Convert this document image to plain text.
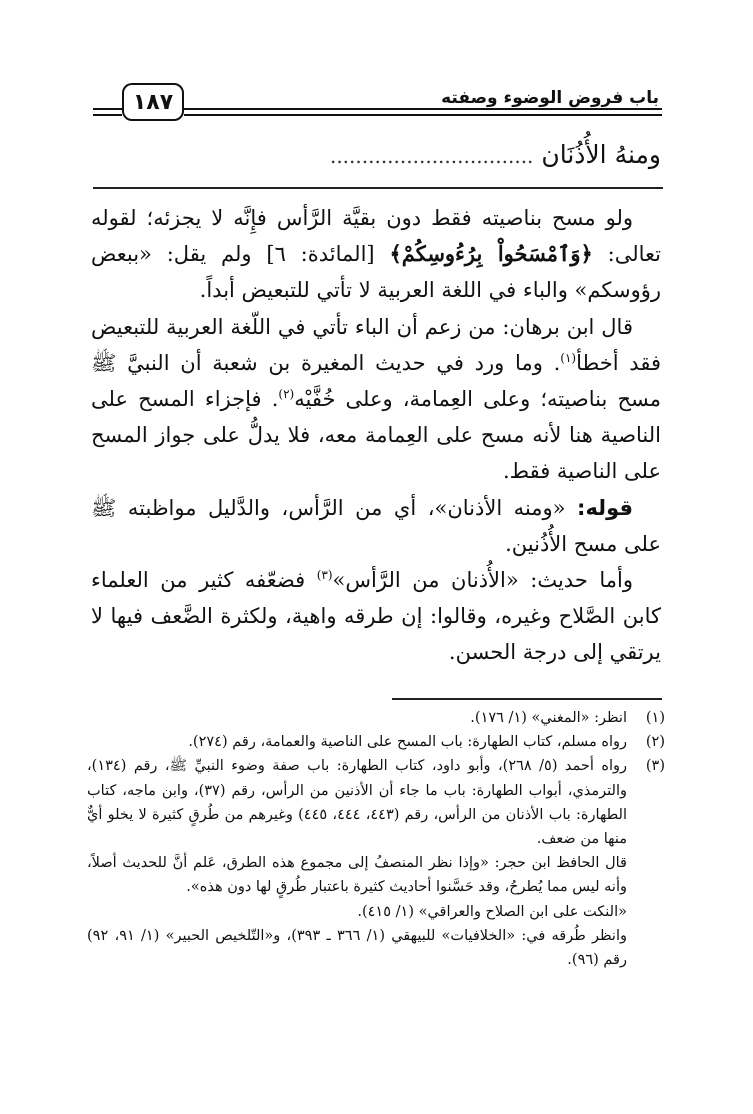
باب فروض الوضوء وصفته
١٨٧
ومنهُ الأُذُنَان ................................

ولو مسح بناصيته فقط دون بقيَّة الرَّأس فإِنَّه لا يجزئه؛ لقوله تعالى: ﴿وَٱمْسَحُواْ بِرُءُوسِكُمْ﴾ [المائدة: ٦] ولم يقل: «ببعض رؤوسكم» والباء في اللغة العربية لا تأتي للتبعيض أبداً.

قال ابن برهان: من زعم أن الباء تأتي في اللّغة العربية للتبعيض فقد أخطأ$^{(١)}$. وما ورد في حديث المغيرة بن شعبة أن النبيَّ ﷺ مسح بناصيته؛ وعلى العِمامة، وعلى خُفَّيْه$^{(٢)}$. فإجزاء المسح على الناصية هنا لأنه مسح على العِمامة معه، فلا يدلُّ على جواز المسح على الناصية فقط.

قوله: «ومنه الأذنان»، أي من الرَّأس، والدَّليل مواظبته ﷺ على مسح الأُذُنين.

وأما حديث: «الأُذنان من الرَّأس»$^{(٣)}$ فضعّفه كثير من العلماء كابن الصَّلاح وغيره، وقالوا: إن طرقه واهية، ولكثرة الضَّعف فيها لا يرتقي إلى درجة الحسن.

(١)
انظر: «المغني» (١/ ١٧٦).
(٢)
رواه مسلم، كتاب الطهارة: باب المسح على الناصية والعمامة، رقم (٢٧٤).
(٣)
رواه أحمد (٥/ ٢٦٨)، وأبو داود، كتاب الطهارة: باب صفة وضوء النبيِّ ﷺ، رقم (١٣٤)، والترمذي، أبواب الطهارة: باب ما جاء أن الأذنين من الرأس، رقم (٣٧)، وابن ماجه، كتاب الطهارة: باب الأذنان من الرأس، رقم (٤٤٣، ٤٤٤، ٤٤٥) وغيرهم من طُرقٍ كثيرة لا يخلو أيٌّ منها من ضعف.
قال الحافظ ابن حجر: «وإذا نظر المنصفُ إلى مجموع هذه الطرق، عَلم أنَّ للحديث أصلاً، وأنه ليس مما يُطرحُ، وقد حَسَّنوا أحاديث كثيرة باعتبار طُرقٍ لها دون هذه».
«النكت على ابن الصلاح والعراقي» (١/ ٤١٥).
وانظر طُرقه في: «الخلافيات» للبيهقي (١/ ٣٦٦ ـ ٣٩٣)، و«التّلخيص الحبير» (١/ ٩١، ٩٢) رقم (٩٦).
